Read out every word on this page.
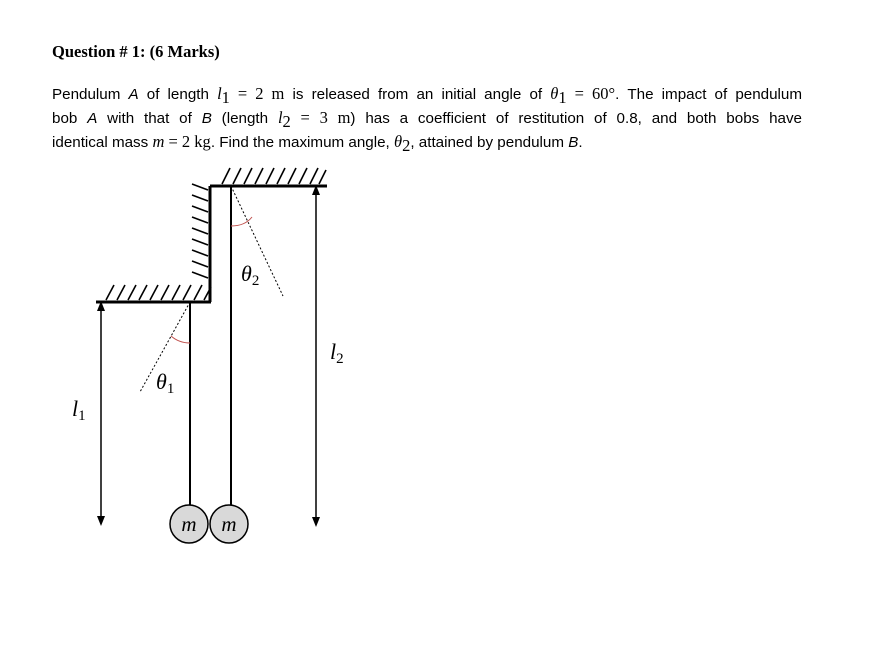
Question # 1: (6 Marks)
Pendulum A of length $l_1 = 2$ m is released from an initial angle of $\theta_1 = 60^\circ$. The impact of pendulum
bob A with that of B (length $l_2 = 3$ m) has a coefficient of restitution of 0.8, and both bobs have
identical mass m = 2 kg. Find the maximum angle, $\theta_2$, attained by pendulum B.
θ1
θ2
l1
l2
m m
